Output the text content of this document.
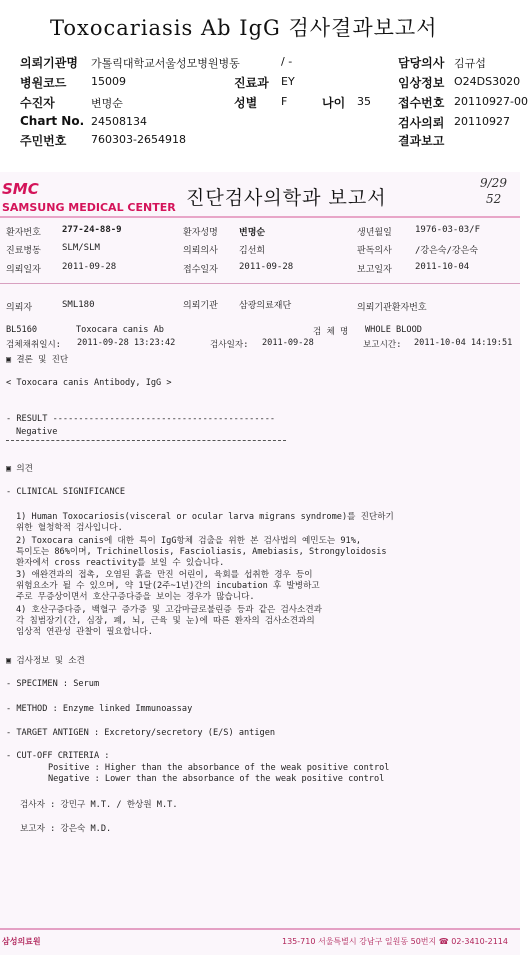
Toxocariasis Ab IgG 검사결과보고서
의뢰기관명 가톨릭대학교서울성모병원병동	/ -
병원코드 15009	진료과 EY
수진자	변명순	성별 F	나이 35
Chart No. 24508134
주민번호 760303-2654918
담당의사 김규섭
임상정보 O24DS3020
접수번호 20110927-00
검사의뢰 20110927
결과보고
SMC
SAMSUNG MEDICAL CENTER 진단검사의학과 보고서
9/29
52
환자번호 277-24-88-9	환자성명 변명순	생년월일	1976-03-03/F
진료병동 SLM/SLM	의뢰의사 김선희	판독의사	/강은숙/강은숙
의뢰일자 2011-09-28	접수일자 2011-09-28	보고일자	2011-10-04
의뢰자	SML180	의뢰기관 삼광의료재단	의뢰기관환자번호
BL5160	Toxocara canis Ab	검 체 명 WHOLE BLOOD
검체채취일시: 2011-09-28 13:23:42	검사일자: 2011-09-28	보고시간: 2011-10-04 14:19:51
▣ 결론 및 진단
< Toxocara canis Antibody, IgG >
- RESULT -------------------------------------------
Negative
▣ 의견
- CLINICAL SIGNIFICANCE
1) Human Toxocariosis(visceral or ocular larva migrans syndrome)를 진단하기
위한 혈청학적 검사입니다.
2) Toxocara canis에 대한 특이 IgG항체 검출을 위한 본 검사법의 예민도는 91%,
특이도는 86%이며, Trichinellosis, Fascioliasis, Amebiasis, Strongyloidosis
환자에서 cross reactivity를 보일 수 있습니다.
3) 애완견과의 접촉, 오염된 흙을 만진 어린이, 육회를 섭취한 경우 등이
위험요소가 될 수 있으며, 약 1달(2주~1년)간의 incubation 후 발병하고
주로 무증상이면서 호산구증다증을 보이는 경우가 많습니다.
4) 호산구증다증, 백혈구 증가증 및 고감마글로불린증 등과 같은 검사소견과
각 침범장기(간, 심장, 폐, 뇌, 근육 및 눈)에 따른 환자의 검사소견과의
임상적 연관성 관찰이 필요합니다.
▣ 검사정보 및 소견
- SPECIMEN : Serum
- METHOD : Enzyme linked Immunoassay
- TARGET ANTIGEN : Excretory/secretory (E/S) antigen
- CUT-OFF CRITERIA :
Positive : Higher than the absorbance of the weak positive control
Negative : Lower than the absorbance of the weak positive control
검사자 : 강민구 M.T. / 한상원 M.T.
보고자 : 강은숙 M.D.
삼성의료원	135-710 서울특별시 강남구 일원동 50번지 ☎ 02-3410-2114
